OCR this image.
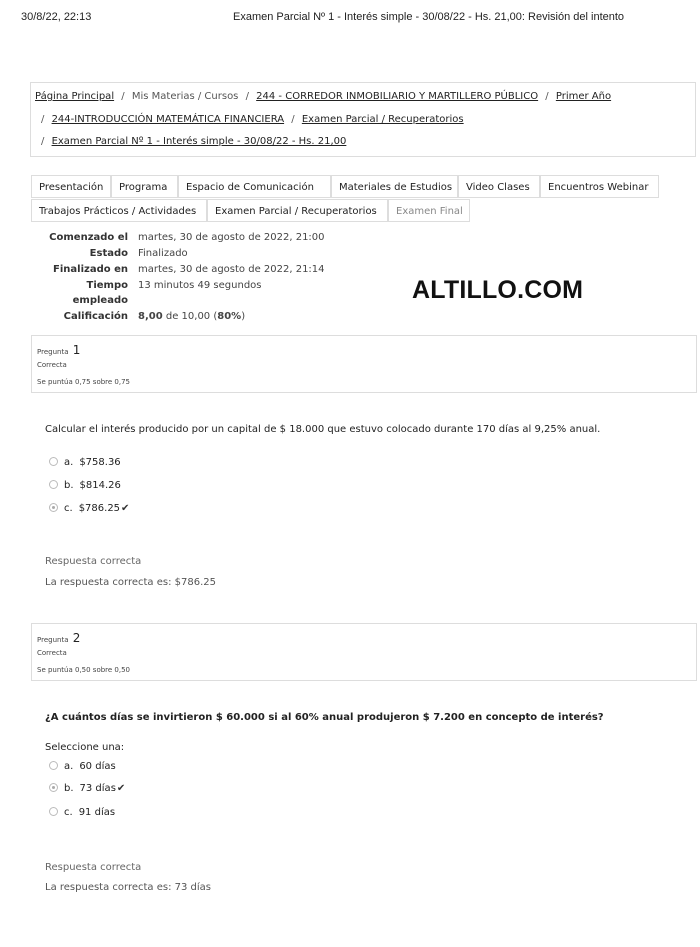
30/8/22, 22:13	Examen Parcial Nº 1 - Interés simple - 30/08/22 - Hs. 21,00: Revisión del intento
Página Principal / Mis Materias / Cursos / 244 - CORREDOR INMOBILIARIO Y MARTILLERO PÚBLICO / Primer Año
/ 244-INTRODUCCIÓN MATEMÁTICA FINANCIERA / Examen Parcial / Recuperatorios
/ Examen Parcial Nº 1 - Interés simple - 30/08/22 - Hs. 21,00
Presentación	Programa	Espacio de Comunicación	Materiales de Estudios	Video Clases	Encuentros Webinar
Trabajos Prácticos / Actividades	Examen Parcial / Recuperatorios	Examen Final
Comenzado el martes, 30 de agosto de 2022, 21:00
Estado Finalizado
Finalizado en martes, 30 de agosto de 2022, 21:14
Tiempo 13 minutos 49 segundos
empleado
Calificación 8,00 de 10,00 (80%)
ALTILLO.COM
Pregunta 1
Correcta
Se puntúa 0,75 sobre 0,75
Calcular el interés producido por un capital de $ 18.000 que estuvo colocado durante 170 días al 9,25% anual.
a. $758.36
b. $814.26
c. $786.25✔
Respuesta correcta
La respuesta correcta es: $786.25
Pregunta 2
Correcta
Se puntúa 0,50 sobre 0,50
¿A cuántos días se invirtieron $ 60.000 si al 60% anual produjeron $ 7.200 en concepto de interés?
Seleccione una:
a. 60 días
b. 73 días✔
c. 91 días
Respuesta correcta
La respuesta correcta es: 73 días
